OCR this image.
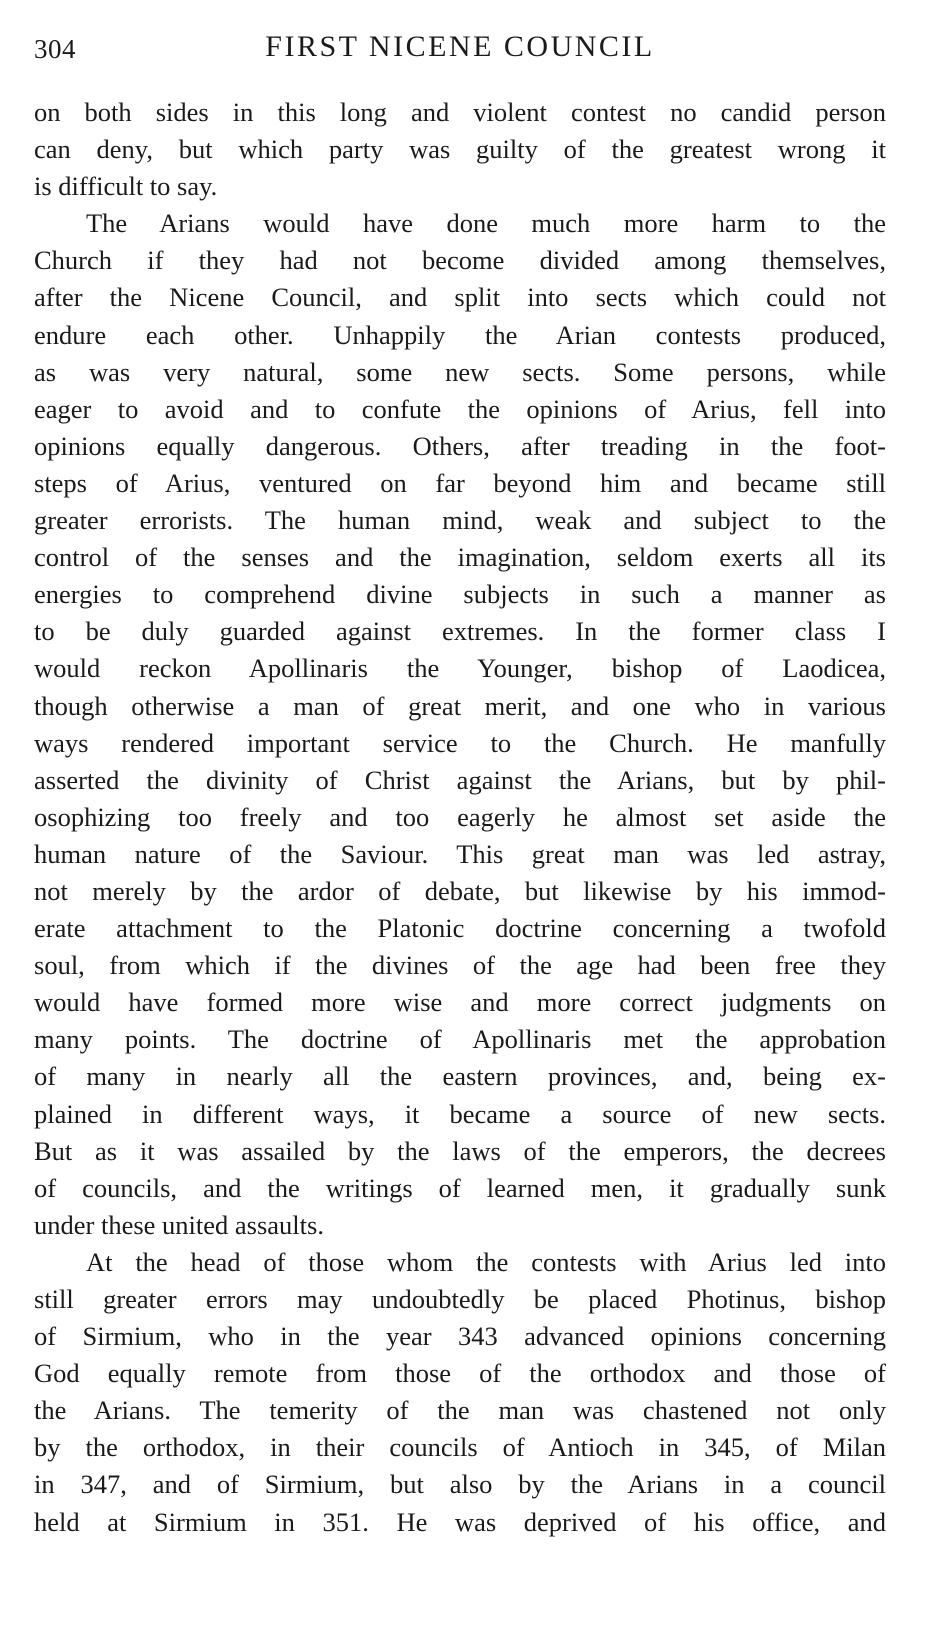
304	FIRST NICENE COUNCIL
on both sides in this long and violent contest no candid person
can deny, but which party was guilty of the greatest wrong it
is difficult to say.
The Arians would have done much more harm to the
Church if they had not become divided among themselves,
after the Nicene Council, and split into sects which could not
endure each other. Unhappily the Arian contests produced,
as was very natural, some new sects. Some persons, while
eager to avoid and to confute the opinions of Arius, fell into
opinions equally dangerous. Others, after treading in the foot-
steps of Arius, ventured on far beyond him and became still
greater errorists. The human mind, weak and subject to the
control of the senses and the imagination, seldom exerts all its
energies to comprehend divine subjects in such a manner as
to be duly guarded against extremes. In the former class I
would reckon Apollinaris the Younger, bishop of Laodicea,
though otherwise a man of great merit, and one who in various
ways rendered important service to the Church. He manfully
asserted the divinity of Christ against the Arians, but by phil-
osophizing too freely and too eagerly he almost set aside the
human nature of the Saviour. This great man was led astray,
not merely by the ardor of debate, but likewise by his immod-
erate attachment to the Platonic doctrine concerning a twofold
soul, from which if the divines of the age had been free they
would have formed more wise and more correct judgments on
many points. The doctrine of Apollinaris met the approbation
of many in nearly all the eastern provinces, and, being ex-
plained in different ways, it became a source of new sects.
But as it was assailed by the laws of the emperors, the decrees
of councils, and the writings of learned men, it gradually sunk
under these united assaults.
At the head of those whom the contests with Arius led into
still greater errors may undoubtedly be placed Photinus, bishop
of Sirmium, who in the year 343 advanced opinions concerning
God equally remote from those of the orthodox and those of
the Arians. The temerity of the man was chastened not only
by the orthodox, in their councils of Antioch in 345, of Milan
in 347, and of Sirmium, but also by the Arians in a council
held at Sirmium in 351. He was deprived of his office, and
